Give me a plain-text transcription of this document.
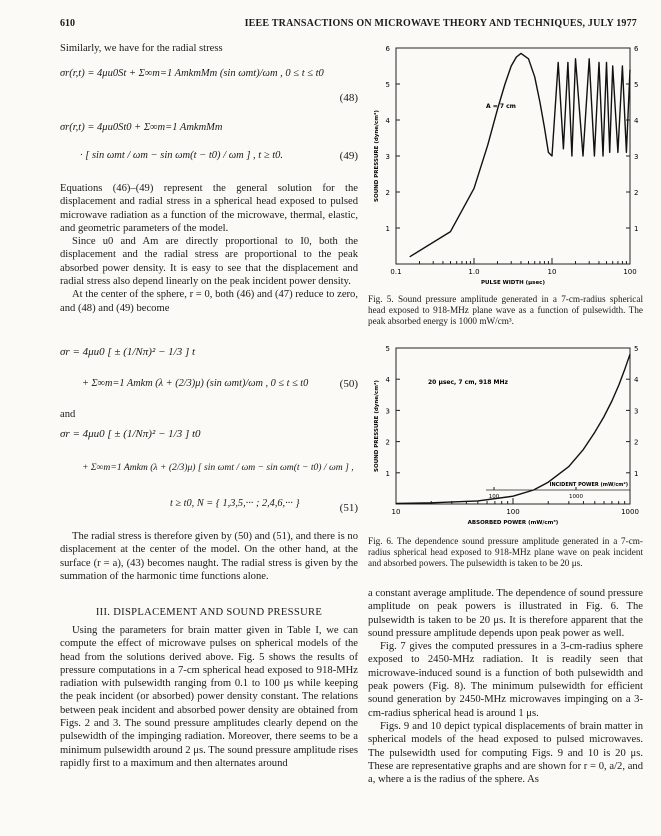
610	IEEE TRANSACTIONS ON MICROWAVE THEORY AND TECHNIQUES, JULY 1977
Similarly, we have for the radial stress
σr(r,t) = 4μu0St + Σ∞m=1 AmkmMm (sin ωmt)/ωm , 0 ≤ t ≤ t0
(48)
σr(r,t) = 4μu0St0 + Σ∞m=1 AmkmMm
· [ sin ωmt / ωm − sin ωm(t − t0) / ωm ] , t ≥ t0.	(49)

Equations (46)–(49) represent the general solution for the displacement and radial stress in a spherical head exposed to pulsed microwave radiation as a function of the microwave, thermal, elastic, and geometric parameters of the model.

Since u0 and Am are directly proportional to I0, both the displacement and the radial stress are proportional to the peak absorbed power density. It is easy to see that the displacement and radial stress also depend linearly on the peak incident power density.

At the center of the sphere, r = 0, both (46) and (47) reduce to zero, and (48) and (49) become

σr = 4μu0 [ ± (1/Nπ)² − 1/3 ] t
+ Σ∞m=1 Amkm (λ + (2/3)μ) (sin ωmt)/ωm , 0 ≤ t ≤ t0	(50)
and
σr = 4μu0 [ ± (1/Nπ)² − 1/3 ] t0
+ Σ∞m=1 Amkm (λ + (2/3)μ) [ sin ωmt / ωm − sin ωm(t − t0) / ωm ] ,
t ≥ t0, N = { 1,3,5,··· ; 2,4,6,··· }	(51)

The radial stress is therefore given by (50) and (51), and there is no displacement at the center of the model. On the other hand, at the surface (r = a), (43) becomes naught. The radial stress is given by the summation of the harmonic time functions alone.

III. DISPLACEMENT AND SOUND PRESSURE

Using the parameters for brain matter given in Table I, we can compute the effect of microwave pulses on spherical models of the head from the solutions derived above. Fig. 5 shows the results of pressure computations in a 7-cm spherical head exposed to 918-MHz radiation with pulsewidth ranging from 0.1 to 100 μs while keeping the peak incident (or absorbed) power density constant. The relations between peak incident and absorbed power density are obtained from Figs. 2 and 3. The sound pressure amplitudes clearly depend on the pulsewidth of the impinging radiation. Moreover, there seems to be a minimum pulsewidth around 2 μs. The sound pressure amplitude rises rapidly first to a maximum and then alternates around

1	1
2	2
3	3
4	4
5	5
6	6
0.1	1.0	10	100
PULSE WIDTH (μsec)
SOUND PRESSURE (dyne/cm²)
A = 7 cm
Fig. 5. Sound pressure amplitude generated in a 7-cm-radius spherical head exposed to 918-MHz plane wave as a function of pulsewidth. The peak absorbed energy is 1000 mW/cm³.
1	1
2	2
3	3
4	4
5	5
10	100	1000
ABSORBED POWER (mW/cm³)
SOUND PRESSURE (dyne/cm²)	20 μsec, 7 cm, 918 MHz
100	1000
INCIDENT POWER (mW/cm²)
Fig. 6. The dependence sound pressure amplitude generated in a 7-cm-radius spherical head exposed to 918-MHz plane wave on peak incident and absorbed powers. The pulsewidth is taken to be 20 μs.

a constant average amplitude. The dependence of sound pressure amplitude on peak powers is illustrated in Fig. 6. The pulsewidth is taken to be 20 μs. It is therefore apparent that the sound pressure amplitude depends upon peak power as well.

Fig. 7 gives the computed pressures in a 3-cm-radius sphere exposed to 2450-MHz radiation. It is readily seen that microwave-induced sound is a function of both pulsewidth and peak powers (Fig. 8). The minimum pulsewidth for efficient sound generation by 2450-MHz microwaves impinging on a 3-cm-radius spherical head is around 1 μs.

Figs. 9 and 10 depict typical displacements of brain matter in spherical models of the head exposed to pulsed microwaves. The pulsewidth used for computing Figs. 9 and 10 is 20 μs. These are representative graphs and are shown for r = 0, a/2, and a, where a is the radius of the sphere. As
